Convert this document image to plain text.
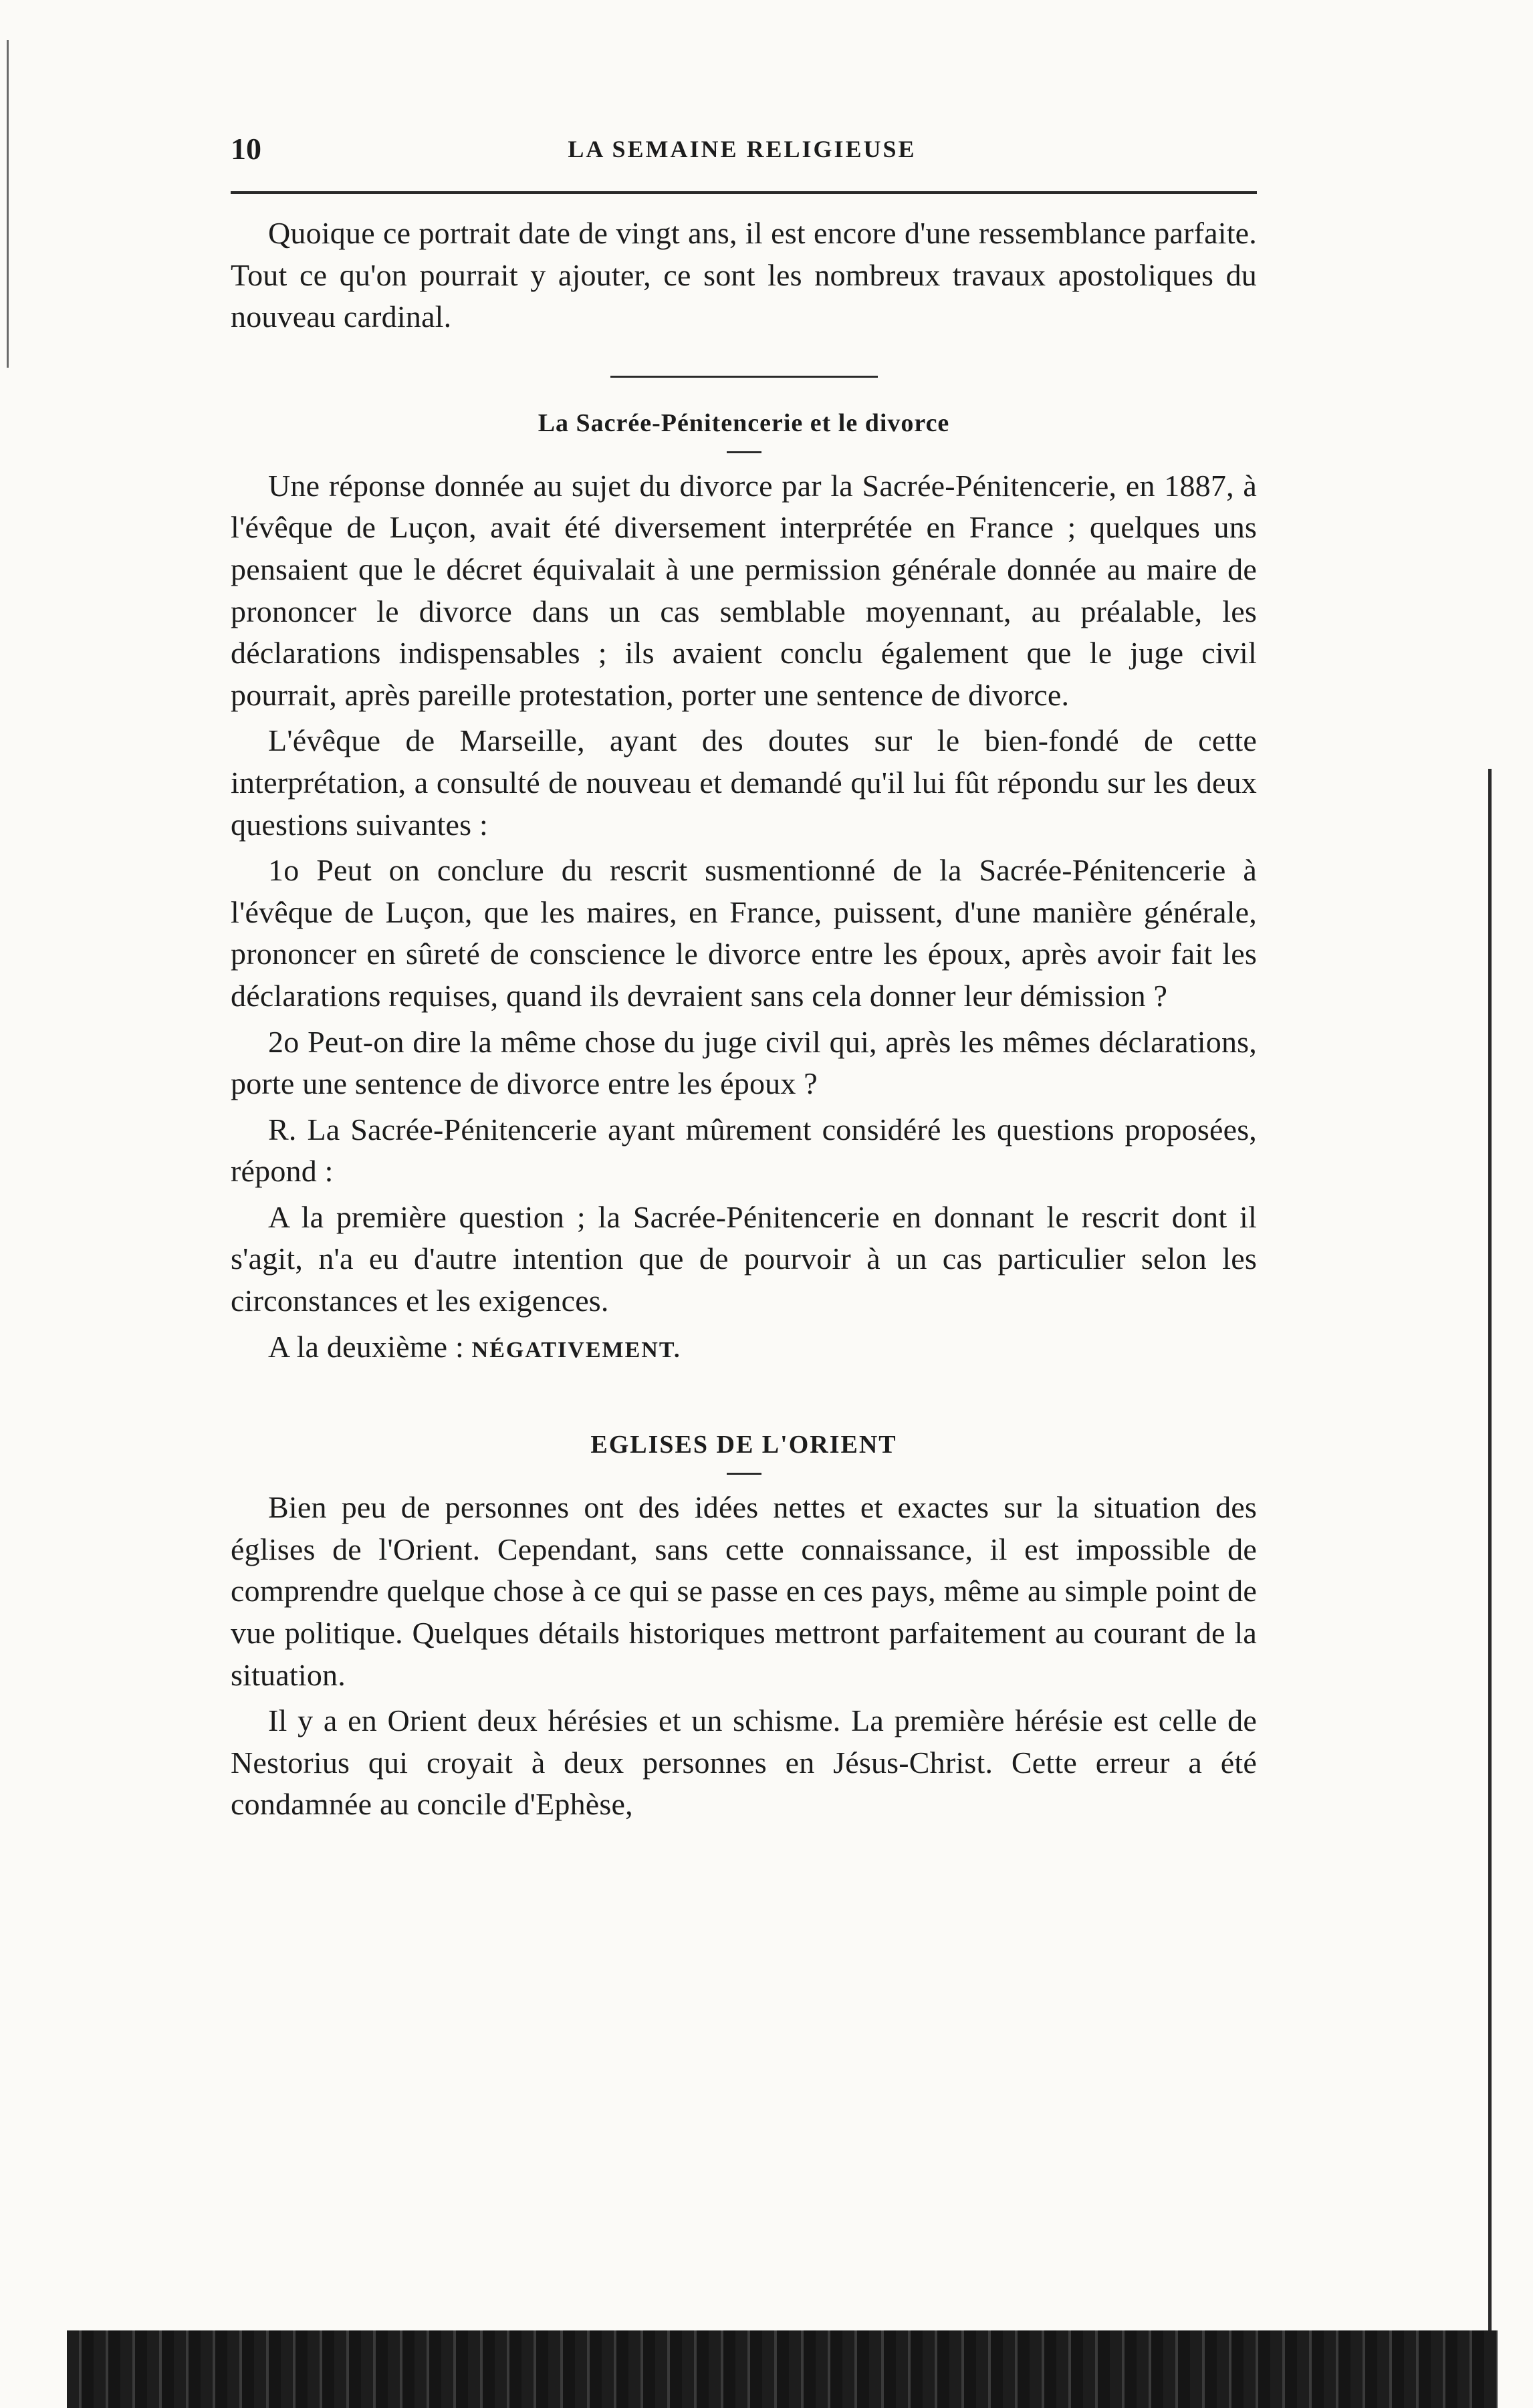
10	LA SEMAINE RELIGIEUSE

Quoique ce portrait date de vingt ans, il est encore d'une ressemblance parfaite. Tout ce qu'on pourrait y ajouter, ce sont les nombreux travaux apostoliques du nouveau cardinal.

La Sacrée-Pénitencerie et le divorce

Une réponse donnée au sujet du divorce par la Sacrée-Pénitencerie, en 1887, à l'évêque de Luçon, avait été diversement interprétée en France ; quelques uns pensaient que le décret équivalait à une permission générale donnée au maire de prononcer le divorce dans un cas semblable moyennant, au préalable, les déclarations indispensables ; ils avaient conclu également que le juge civil pourrait, après pareille protestation, porter une sentence de divorce.

L'évêque de Marseille, ayant des doutes sur le bien-fondé de cette interprétation, a consulté de nouveau et demandé qu'il lui fût répondu sur les deux questions suivantes :

1o Peut on conclure du rescrit susmentionné de la Sacrée-Pénitencerie à l'évêque de Luçon, que les maires, en France, puissent, d'une manière générale, prononcer en sûreté de conscience le divorce entre les époux, après avoir fait les déclarations requises, quand ils devraient sans cela donner leur démission ?

2o Peut-on dire la même chose du juge civil qui, après les mêmes déclarations, porte une sentence de divorce entre les époux ?

R. La Sacrée-Pénitencerie ayant mûrement considéré les questions proposées, répond :

A la première question ; la Sacrée-Pénitencerie en donnant le rescrit dont il s'agit, n'a eu d'autre intention que de pourvoir à un cas particulier selon les circonstances et les exigences.

A la deuxième : NÉGATIVEMENT.

EGLISES DE L'ORIENT

Bien peu de personnes ont des idées nettes et exactes sur la situation des églises de l'Orient. Cependant, sans cette connaissance, il est impossible de comprendre quelque chose à ce qui se passe en ces pays, même au simple point de vue politique. Quelques détails historiques mettront parfaitement au courant de la situation.

Il y a en Orient deux hérésies et un schisme. La première hérésie est celle de Nestorius qui croyait à deux personnes en Jésus-Christ. Cette erreur a été condamnée au concile d'Ephèse,
